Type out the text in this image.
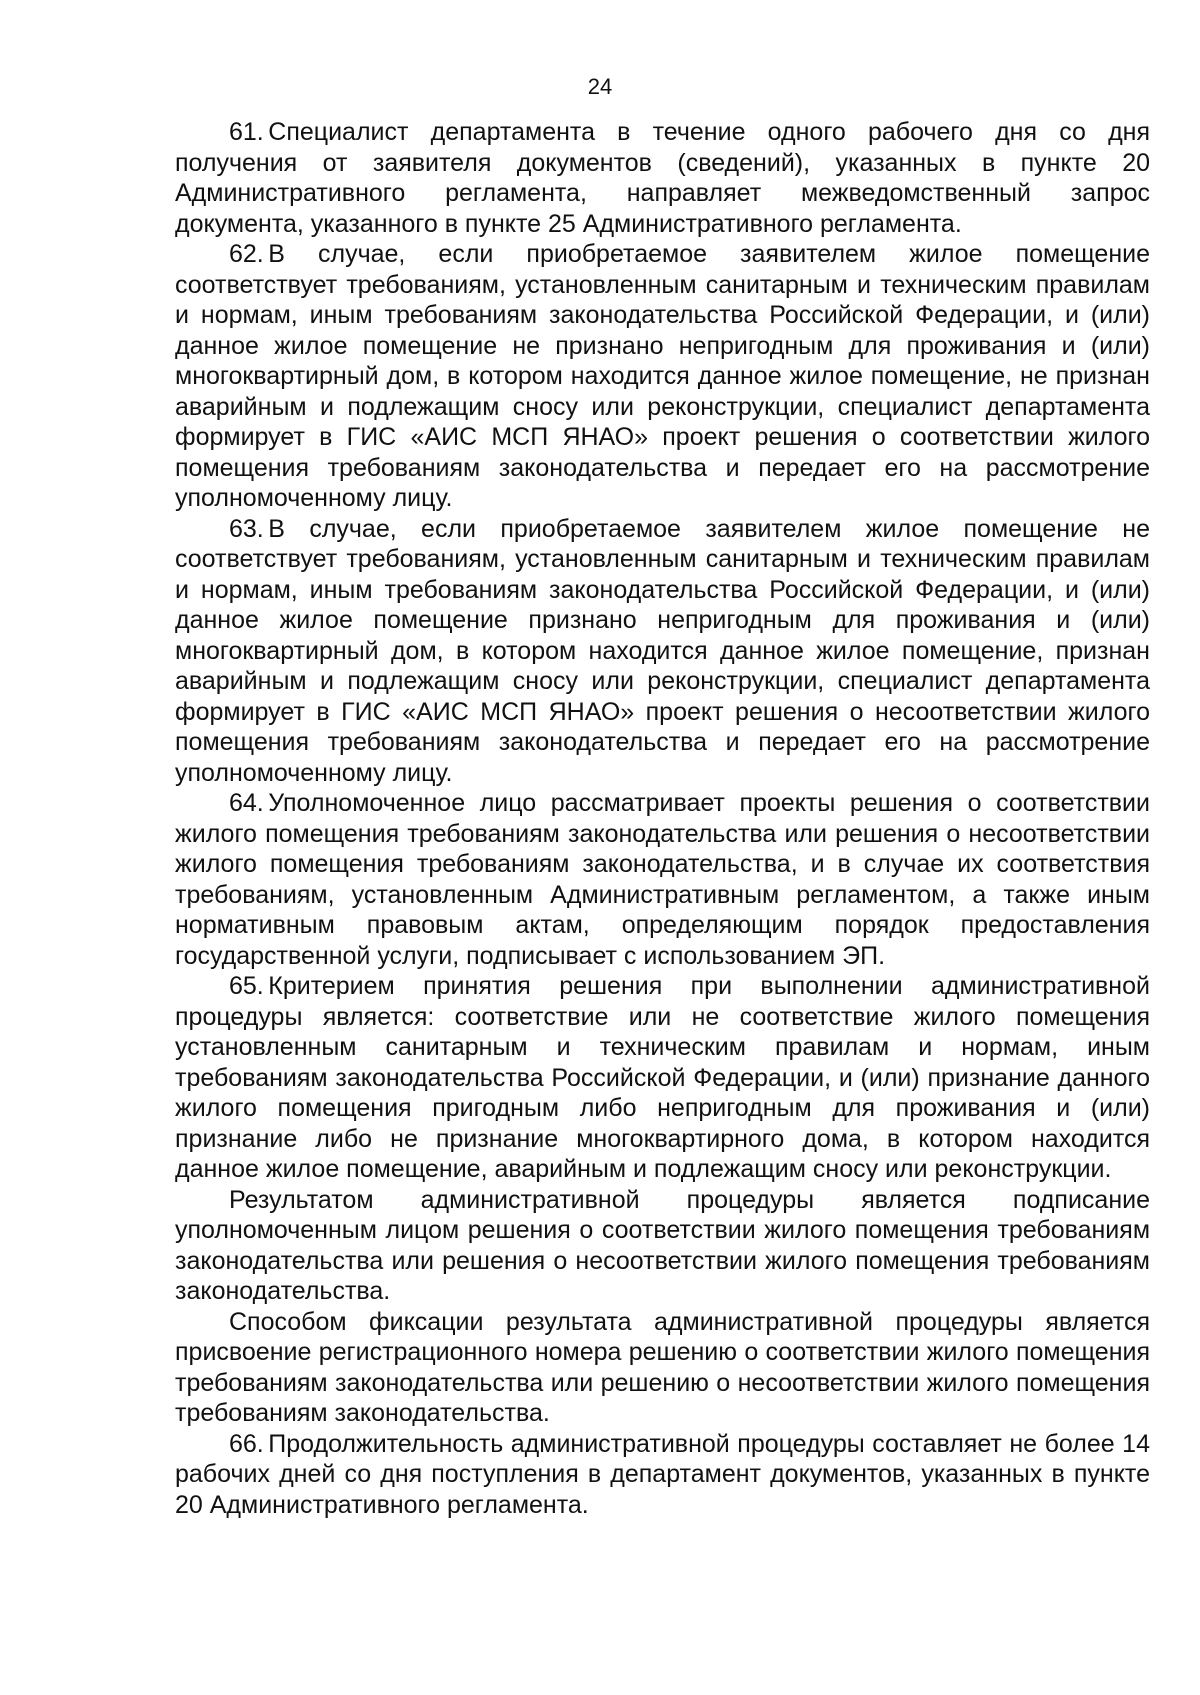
24

61. Специалист департамента в течение одного рабочего дня со дня получения от заявителя документов (сведений), указанных в пункте 20 Административного регламента, направляет межведомственный запрос документа, указанного в пункте 25 Административного регламента.

62. В случае, если приобретаемое заявителем жилое помещение соответствует требованиям, установленным санитарным и техническим правилам и нормам, иным требованиям законодательства Российской Федерации, и (или) данное жилое помещение не признано непригодным для проживания и (или) многоквартирный дом, в котором находится данное жилое помещение, не признан аварийным и подлежащим сносу или реконструкции, специалист департамента формирует в ГИС «АИС МСП ЯНАО» проект решения о соответствии жилого помещения требованиям законодательства и передает его на рассмотрение уполномоченному лицу.

63. В случае, если приобретаемое заявителем жилое помещение не соответствует требованиям, установленным санитарным и техническим правилам и нормам, иным требованиям законодательства Российской Федерации, и (или) данное жилое помещение признано непригодным для проживания и (или) многоквартирный дом, в котором находится данное жилое помещение, признан аварийным и подлежащим сносу или реконструкции, специалист департамента формирует в ГИС «АИС МСП ЯНАО» проект решения о несоответствии жилого помещения требованиям законодательства и передает его на рассмотрение уполномоченному лицу.

64. Уполномоченное лицо рассматривает проекты решения о соответствии жилого помещения требованиям законодательства или решения о несоответствии жилого помещения требованиям законодательства, и в случае их соответствия требованиям, установленным Административным регламентом, а также иным нормативным правовым актам, определяющим порядок предоставления государственной услуги, подписывает с использованием ЭП.

65. Критерием принятия решения при выполнении административной процедуры является: соответствие или не соответствие жилого помещения установленным санитарным и техническим правилам и нормам, иным требованиям законодательства Российской Федерации, и (или) признание данного жилого помещения пригодным либо непригодным для проживания и (или) признание либо не признание многоквартирного дома, в котором находится данное жилое помещение, аварийным и подлежащим сносу или реконструкции.

Результатом административной процедуры является подписание уполномоченным лицом решения о соответствии жилого помещения требованиям законодательства или решения о несоответствии жилого помещения требованиям законодательства.

Способом фиксации результата административной процедуры является присвоение регистрационного номера решению о соответствии жилого помещения требованиям законодательства или решению о несоответствии жилого помещения требованиям законодательства.

66. Продолжительность административной процедуры составляет не более 14 рабочих дней со дня поступления в департамент документов, указанных в пункте 20 Административного регламента.
